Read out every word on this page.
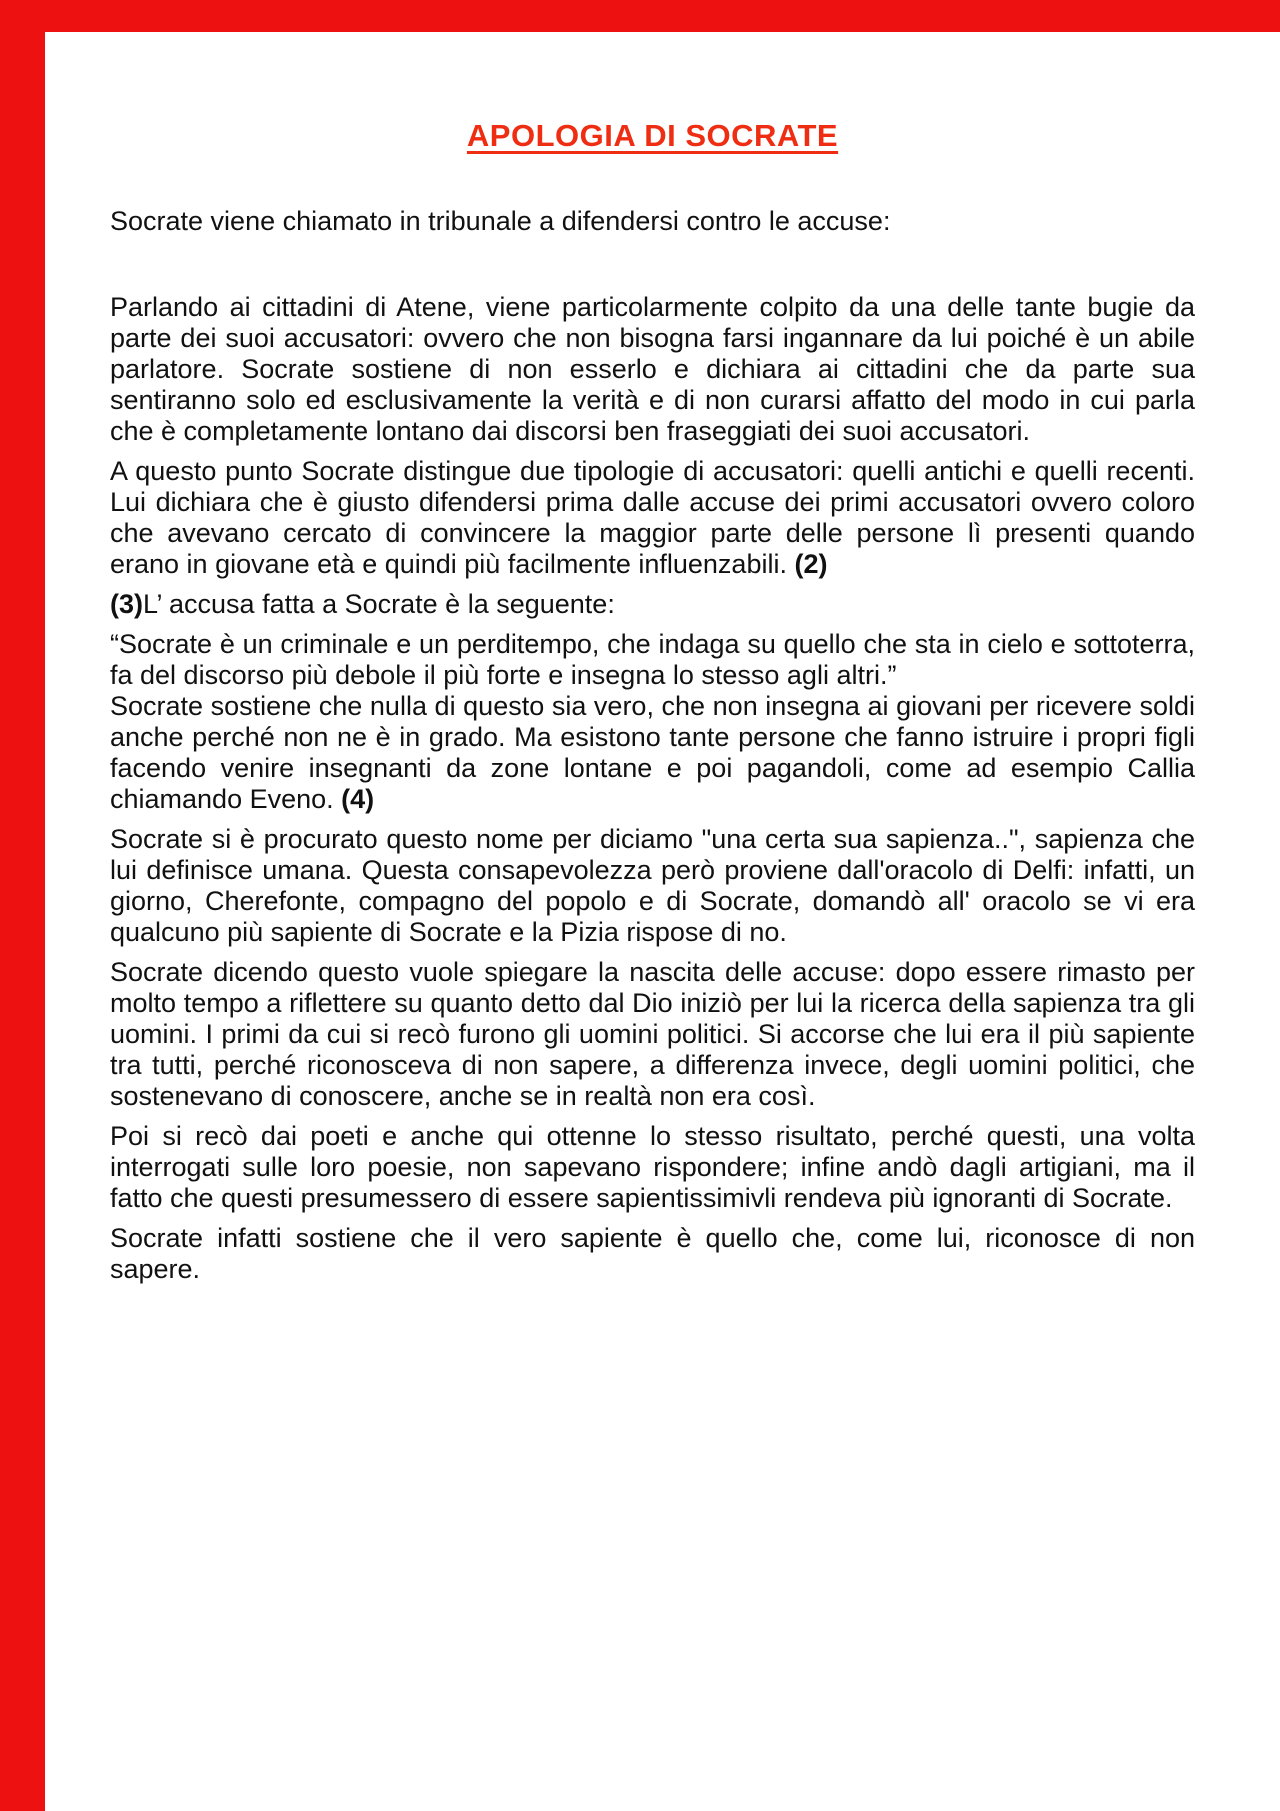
APOLOGIA DI SOCRATE

Socrate viene chiamato in tribunale a difendersi contro le accuse:

Parlando ai cittadini di Atene, viene particolarmente colpito da una delle tante bugie da parte dei suoi accusatori: ovvero che non bisogna farsi ingannare da lui poiché è un abile parlatore. Socrate sostiene di non esserlo e dichiara ai cittadini che da parte sua sentiranno solo ed esclusivamente la verità e di non curarsi affatto del modo in cui parla che è completamente lontano dai discorsi ben fraseggiati dei suoi accusatori.

A questo punto Socrate distingue due tipologie di accusatori: quelli antichi e quelli recenti. Lui dichiara che è giusto difendersi prima dalle accuse dei primi accusatori ovvero coloro che avevano cercato di convincere la maggior parte delle persone lì presenti quando erano in giovane età e quindi più facilmente influenzabili. (2)

(3)L’ accusa fatta a Socrate è la seguente:

“Socrate è un criminale e un perditempo, che indaga su quello che sta in cielo e sottoterra, fa del discorso più debole il più forte e insegna lo stesso agli altri.”
Socrate sostiene che nulla di questo sia vero, che non insegna ai giovani per ricevere soldi anche perché non ne è in grado. Ma esistono tante persone che fanno istruire i propri figli facendo venire insegnanti da zone lontane e poi pagandoli, come ad esempio Callia chiamando Eveno. (4)

Socrate si è procurato questo nome per diciamo "una certa sua sapienza..", sapienza che lui definisce umana. Questa consapevolezza però proviene dall'oracolo di Delfi: infatti, un giorno, Cherefonte, compagno del popolo e di Socrate, domandò all' oracolo se vi era qualcuno più sapiente di Socrate e la Pizia rispose di no.

Socrate dicendo questo vuole spiegare la nascita delle accuse: dopo essere rimasto per molto tempo a riflettere su quanto detto dal Dio iniziò per lui la ricerca della sapienza tra gli uomini. I primi da cui si recò furono gli uomini politici. Si accorse che lui era il più sapiente tra tutti, perché riconosceva di non sapere, a differenza invece, degli uomini politici, che sostenevano di conoscere, anche se in realtà non era così.

Poi si recò dai poeti e anche qui ottenne lo stesso risultato, perché questi, una volta interrogati sulle loro poesie, non sapevano rispondere; infine andò dagli artigiani, ma il fatto che questi presumessero di essere sapientissimivli rendeva più ignoranti di Socrate.

Socrate infatti sostiene che il vero sapiente è quello che, come lui, riconosce di non sapere.
